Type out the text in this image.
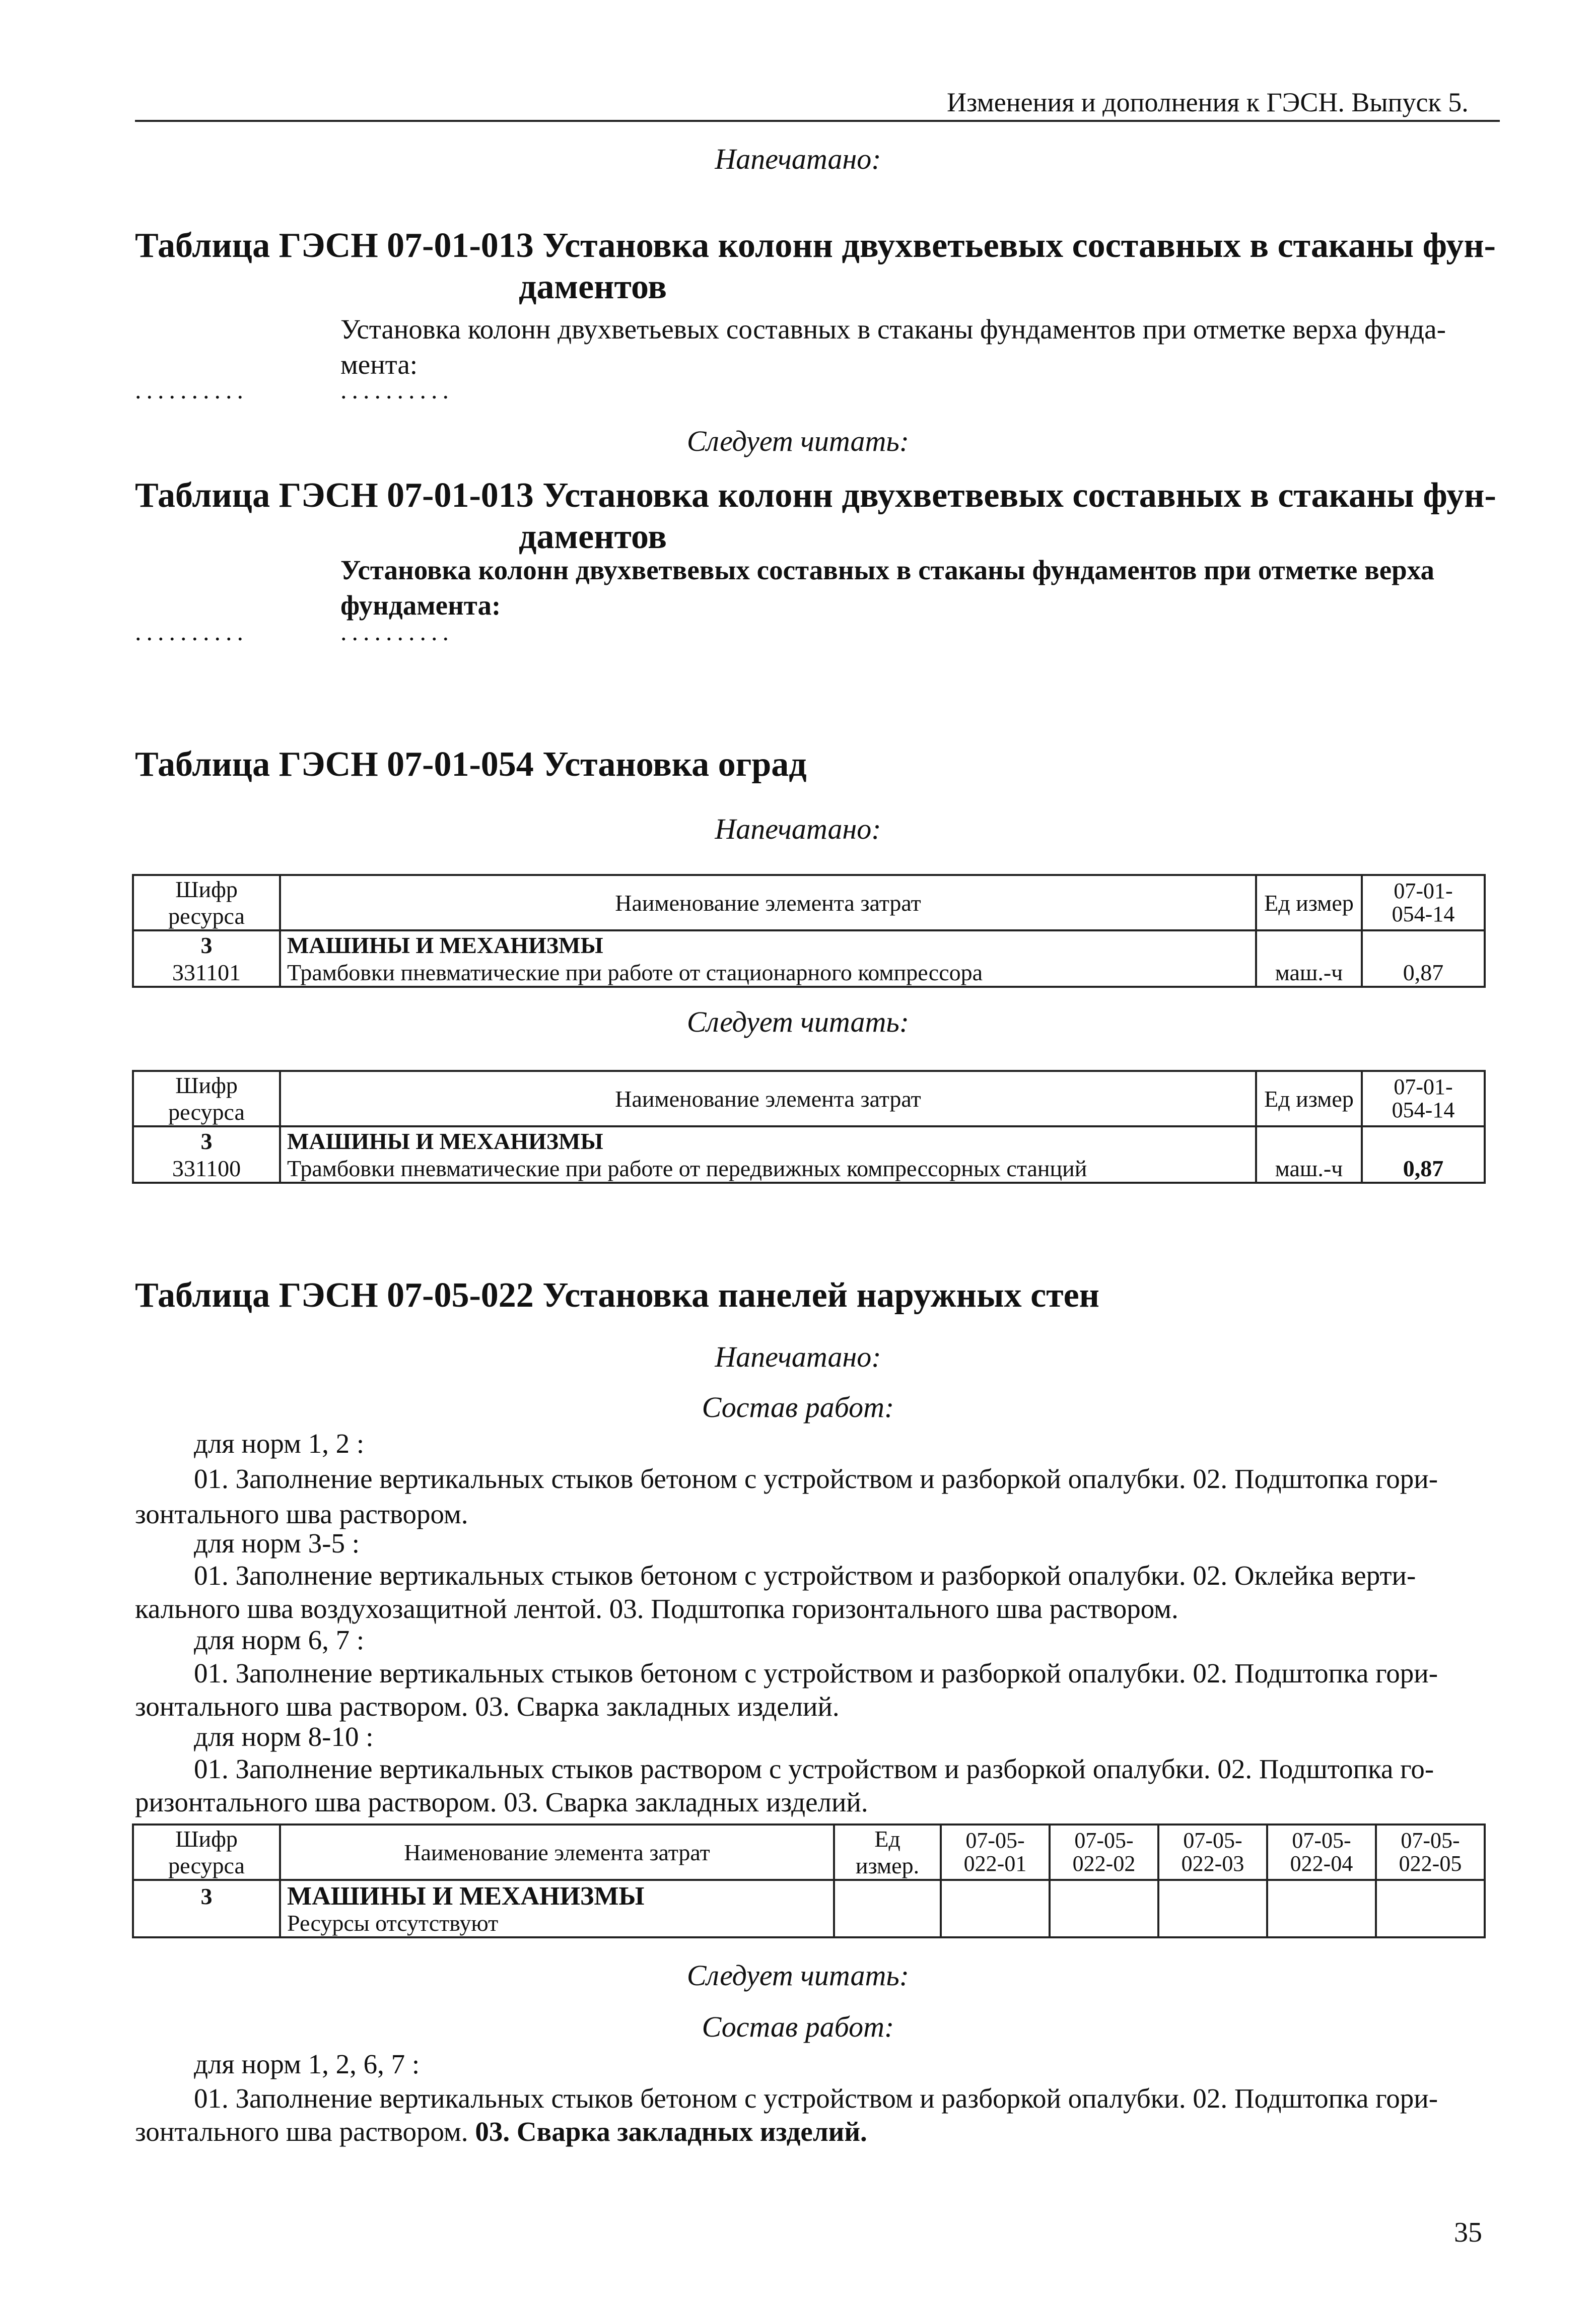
Изменения и дополнения к ГЭСН. Выпуск 5.
Напечатано:
Таблица ГЭСН 07-01-013 Установка колонн двухветьевых составных в стаканы фун-
даментов
Установка колонн двухветьевых составных в стаканы фундаментов при отметке верха фунда-
мента:
..........	..........
Следует читать:
Таблица ГЭСН 07-01-013 Установка колонн двухветвевых составных в стаканы фун-
даментов
Установка колонн двухветвевых составных в стаканы фундаментов при отметке верха
фундамента:
..........	..........
Таблица ГЭСН 07-01-054 Установка оград
Напечатано:
Шифр ресурса	Наименование элемента затрат	Ед измер	07-01-
054-14
3	МАШИНЫ И МЕХАНИЗМЫ		
331101	Трамбовки пневматические при работе от стационарного компрессора	маш.-ч	0,87
Следует читать:
Шифр ресурса	Наименование элемента затрат	Ед измер	07-01-
054-14
3	МАШИНЫ И МЕХАНИЗМЫ		
331100	Трамбовки пневматические при работе от передвижных компрессорных станций	маш.-ч	0,87
Таблица ГЭСН 07-05-022 Установка панелей наружных стен
Напечатано:
Состав работ:
для норм 1, 2 :
01. Заполнение вертикальных стыков бетоном с устройством и разборкой опалубки. 02. Подштопка гори-
зонтального шва раствором.
для норм 3-5 :
01. Заполнение вертикальных стыков бетоном с устройством и разборкой опалубки. 02. Оклейка верти-
кального шва воздухозащитной лентой. 03. Подштопка горизонтального шва раствором.
для норм 6, 7 :
01. Заполнение вертикальных стыков бетоном с устройством и разборкой опалубки. 02. Подштопка гори-
зонтального шва раствором. 03. Сварка закладных изделий.
для норм 8-10 :
01. Заполнение вертикальных стыков раствором с устройством и разборкой опалубки. 02. Подштопка го-
ризонтального шва раствором. 03. Сварка закладных изделий.
Шифр ресурса	Наименование элемента затрат	Ед измер.	07-05-
022-01	07-05-
022-02	07-05-
022-03	07-05-
022-04	07-05-
022-05
3	МАШИНЫ И МЕХАНИЗМЫ
Ресурсы отсутствуют						
Следует читать:
Состав работ:
для норм 1, 2, 6, 7 :
01. Заполнение вертикальных стыков бетоном с устройством и разборкой опалубки. 02. Подштопка гори-
зонтального шва раствором. 03. Сварка закладных изделий.
35
